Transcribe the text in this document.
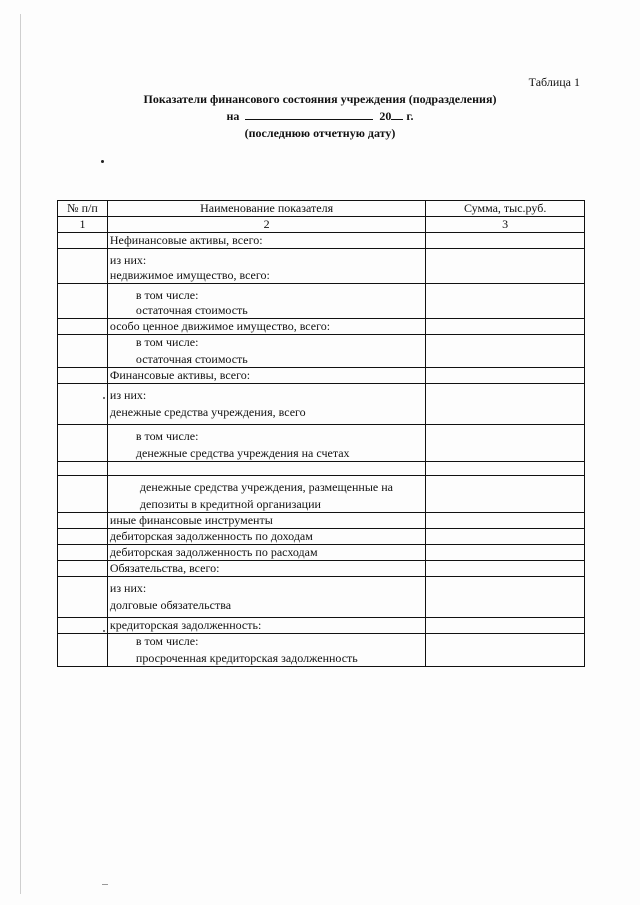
Таблица 1
Показатели финансового состояния учреждения (подразделения)
на	20 г.
(последнюю отчетную дату)
№ п/п	Наименование показателя	Сумма, тыс.руб.
1	2	3
	Нефинансовые активы, всего:	

	из них:
недвижимое имущество, всего:	

	в том числе:
остаточная стоимость	

	особо ценное движимое имущество, всего:	

	в том числе:
остаточная стоимость	

	Финансовые активы, всего:	

	из них:
денежные средства учреждения, всего	

	в том числе:
денежные средства учреждения на счетах	

	денежные средства учреждения, размещенные на
депозиты в кредитной организации	

	иные финансовые инструменты	
	дебиторская задолженность по доходам	
	дебиторская задолженность по расходам	
	Обязательства, всего:	

	из них:
долговые обязательства	

	кредиторская задолженность:	

	в том числе:
просроченная кредиторская задолженность	
